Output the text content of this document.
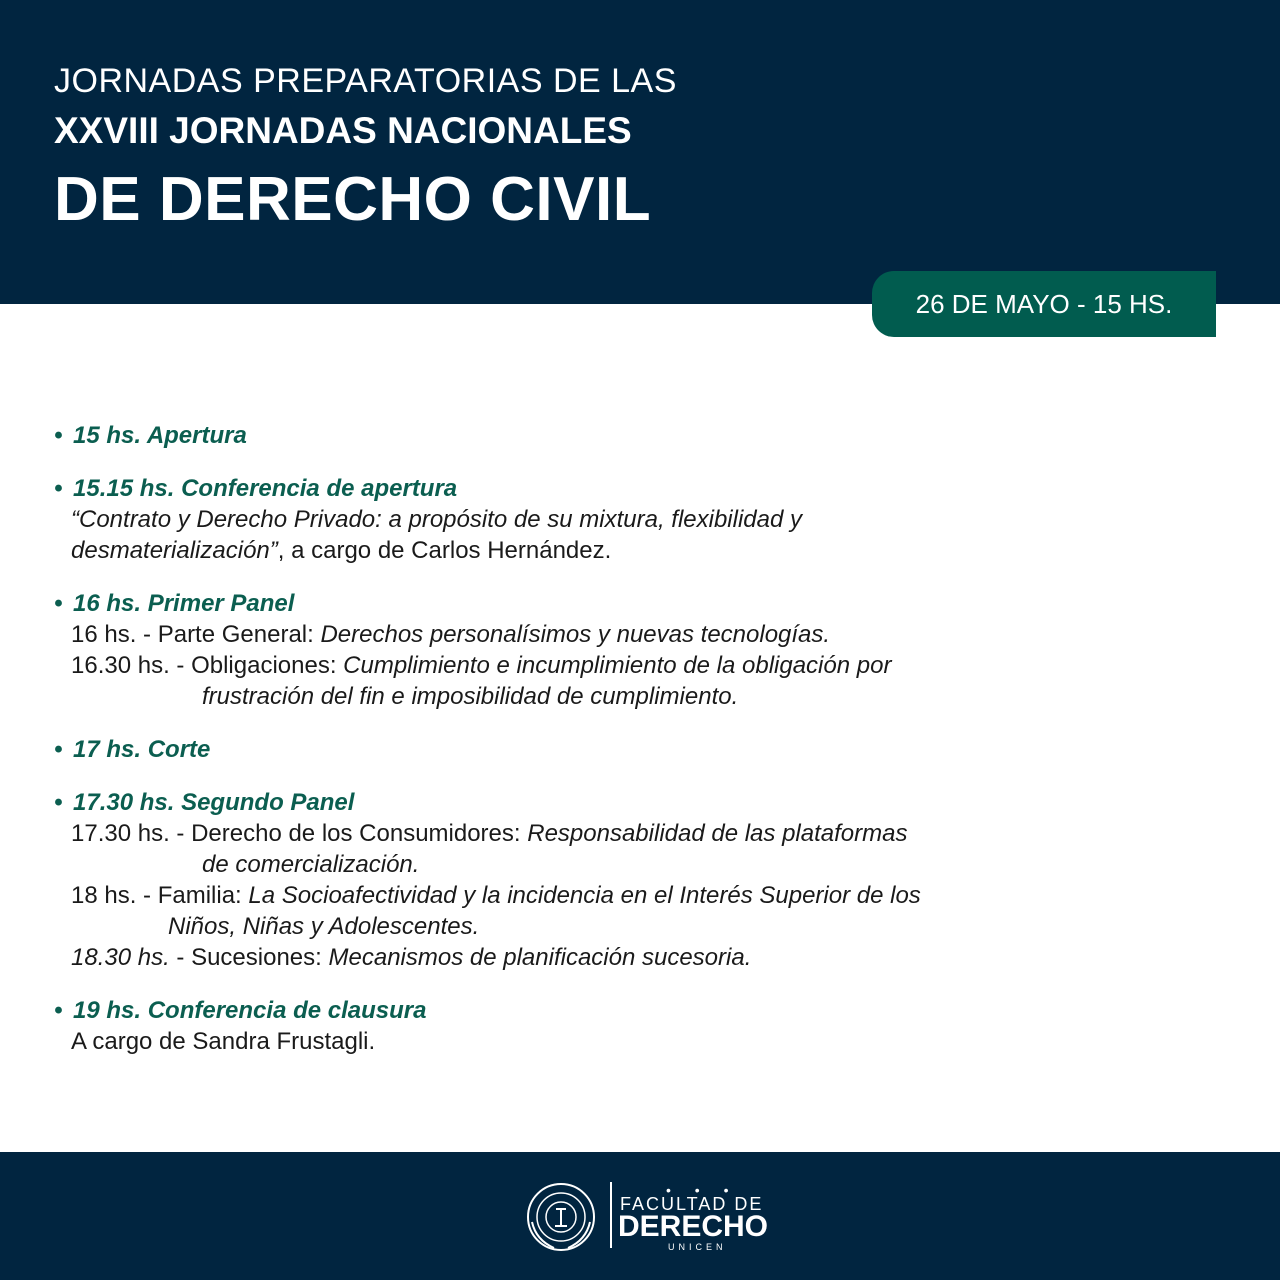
JORNADAS PREPARATORIAS DE LAS
XXVIII JORNADAS NACIONALES
DE DERECHO CIVIL
26 DE MAYO - 15 HS.
• 15 hs. Apertura
• 15.15 hs. Conferencia de apertura
“Contrato y Derecho Privado: a propósito de su mixtura, flexibilidad y
desmaterialización”, a cargo de Carlos Hernández.
• 16 hs. Primer Panel
16 hs. - Parte General: Derechos personalísimos y nuevas tecnologías.
16.30 hs. - Obligaciones: Cumplimiento e incumplimiento de la obligación por
frustración del fin e imposibilidad de cumplimiento.
• 17 hs. Corte
• 17.30 hs. Segundo Panel
17.30 hs. - Derecho de los Consumidores: Responsabilidad de las plataformas
de comercialización.
18 hs. - Familia: La Socioafectividad y la incidencia en el Interés Superior de los
Niños, Niñas y Adolescentes.
18.30 hs. - Sucesiones: Mecanismos de planificación sucesoria.
• 19 hs. Conferencia de clausura
A cargo de Sandra Frustagli.
• • •
FACULTAD DE
DERECHO
UNICEN
